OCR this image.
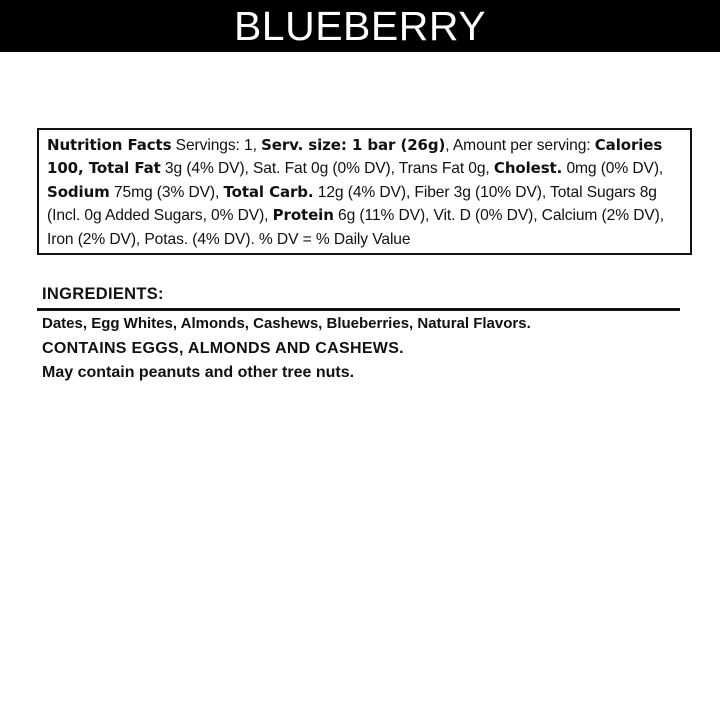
BLUEBERRY

Nutrition Facts Servings: 1, Serv. size: 1 bar (26g), Amount per serving: Calories 100, Total Fat 3g (4% DV), Sat. Fat 0g (0% DV), Trans Fat 0g, Cholest. 0mg (0% DV), Sodium 75mg (3% DV), Total Carb. 12g (4% DV), Fiber 3g (10% DV), Total Sugars 8g (Incl. 0g Added Sugars, 0% DV), Protein 6g (11% DV), Vit. D (0% DV), Calcium (2% DV), Iron (2% DV), Potas. (4% DV). % DV = % Daily Value

INGREDIENTS:
Dates, Egg Whites, Almonds, Cashews, Blueberries, Natural Flavors.
CONTAINS EGGS, ALMONDS AND CASHEWS.
May contain peanuts and other tree nuts.
